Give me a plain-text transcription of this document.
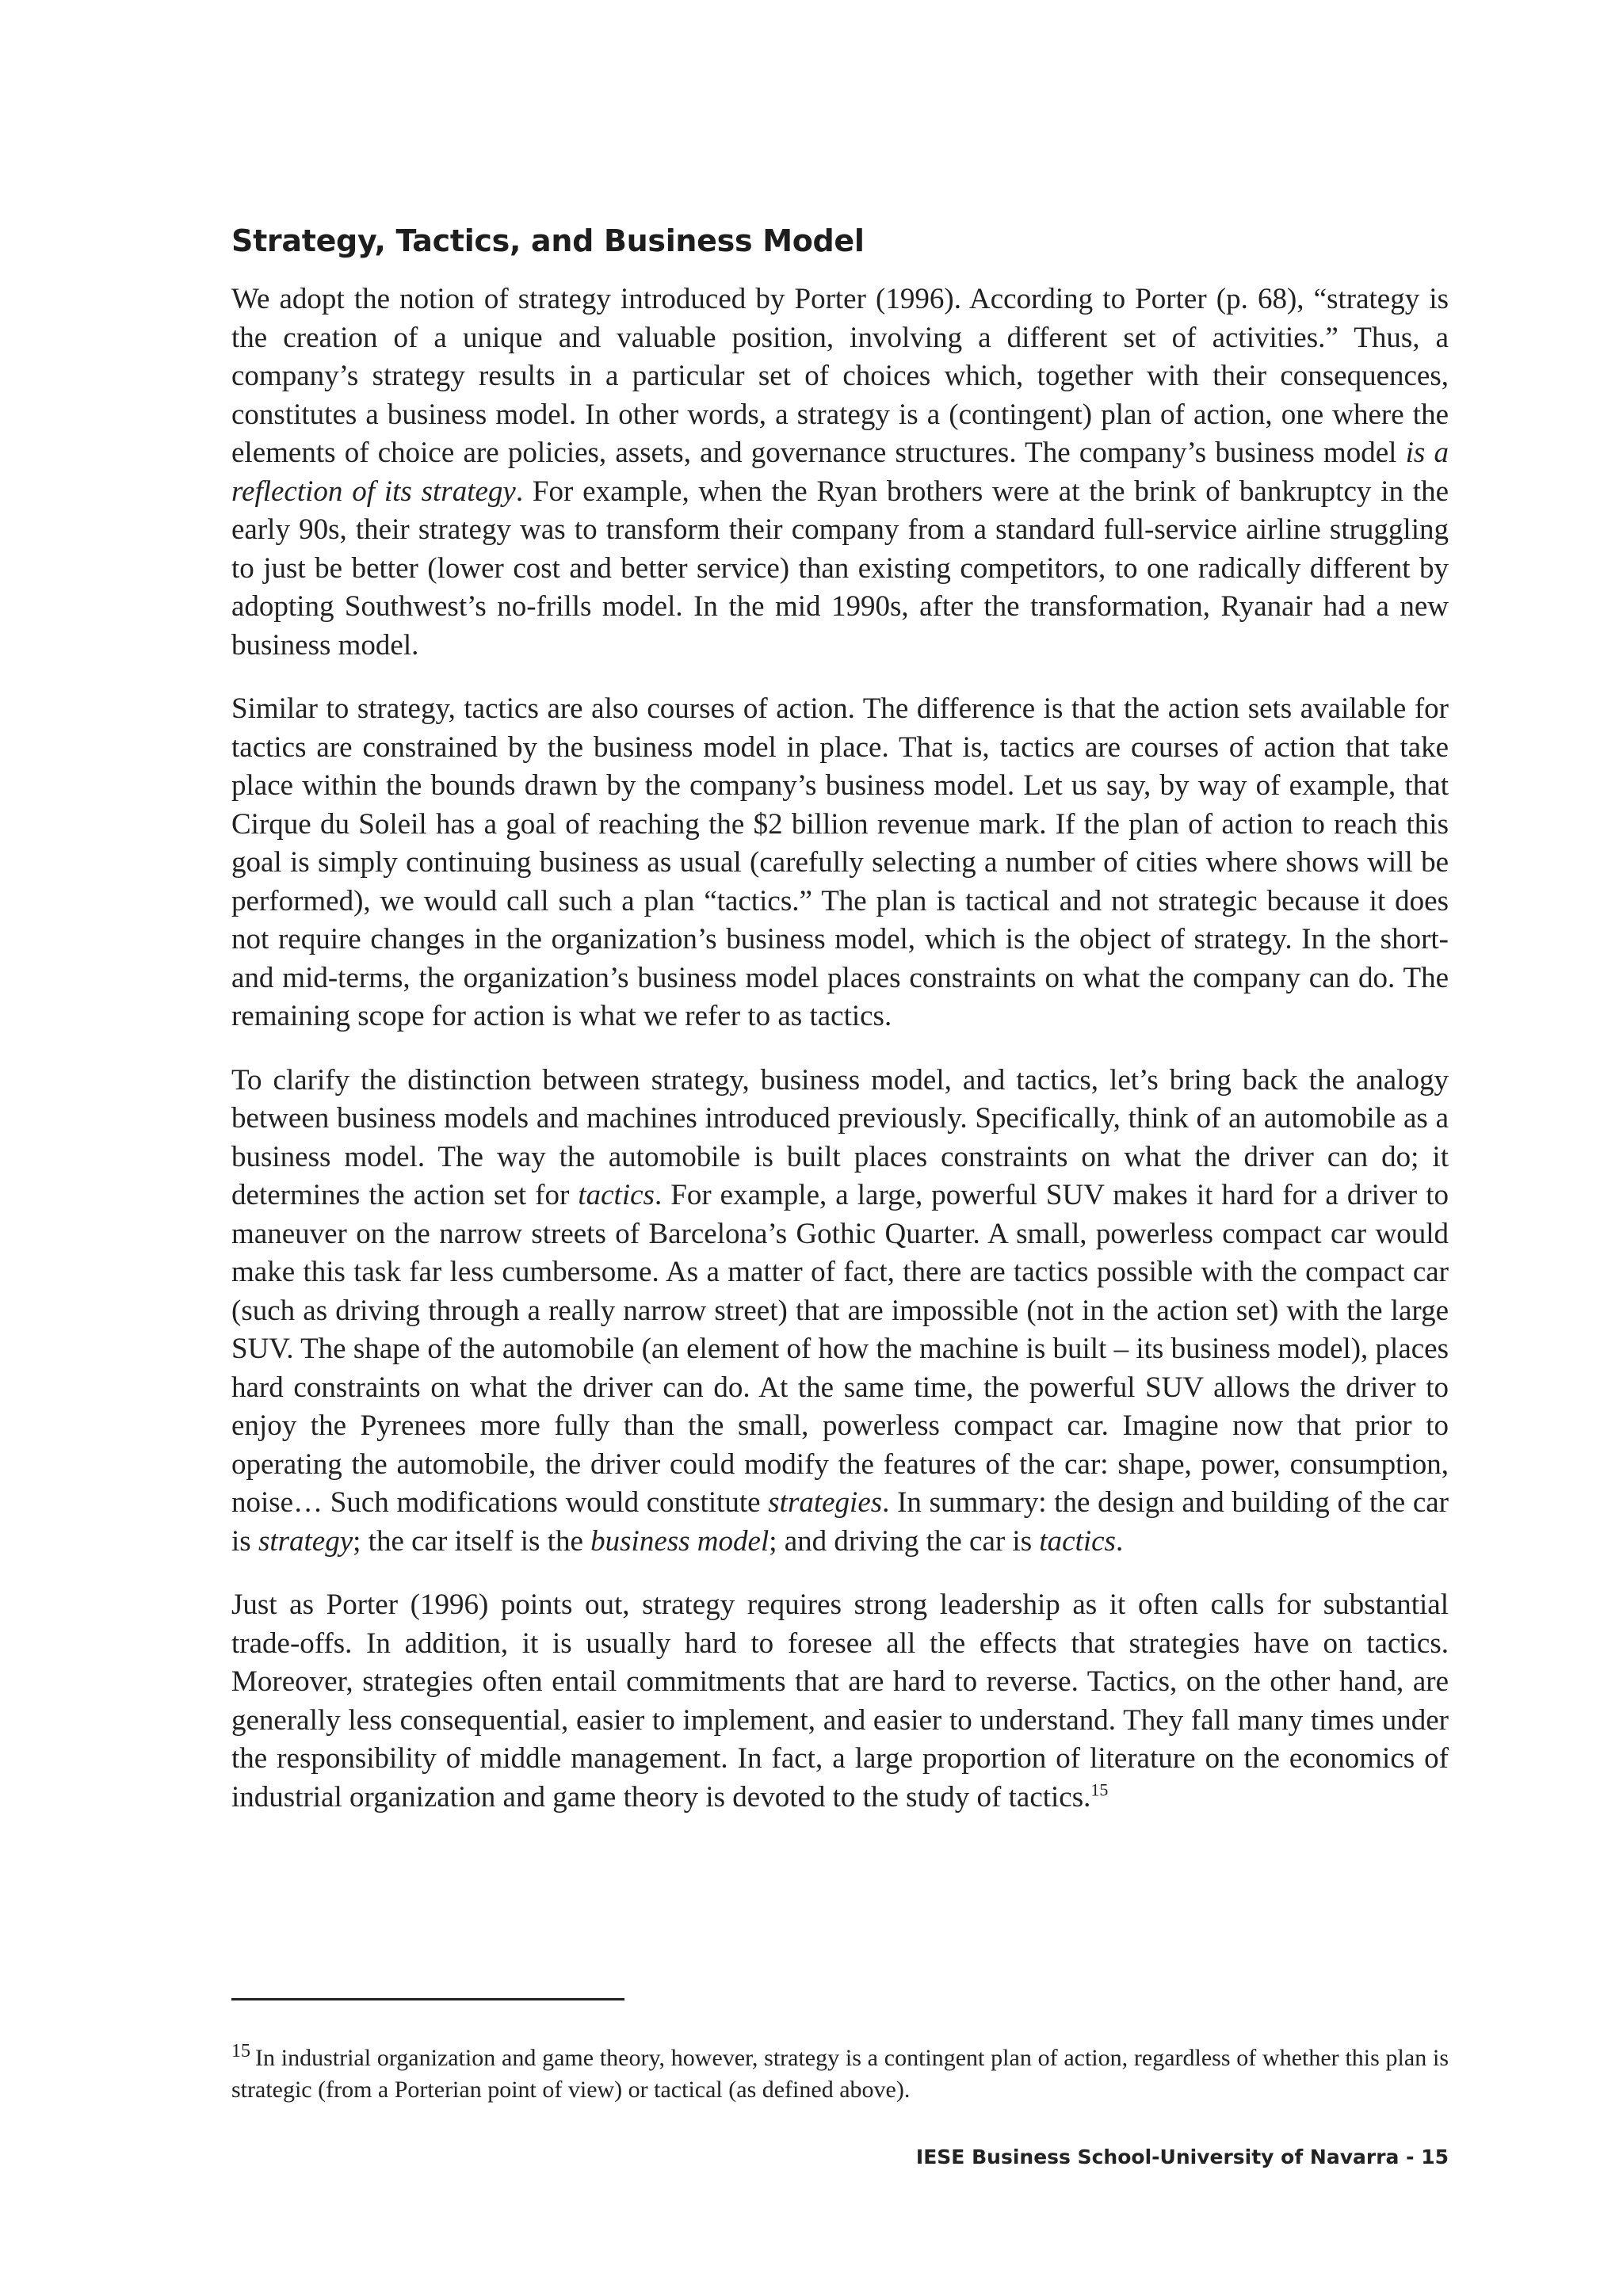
Strategy, Tactics, and Business Model

We adopt the notion of strategy introduced by Porter (1996). According to Porter (p. 68), “strategy is the creation of a unique and valuable position, involving a different set of activities.” Thus, a company’s strategy results in a particular set of choices which, together with their consequences, constitutes a business model. In other words, a strategy is a (contingent) plan of action, one where the elements of choice are policies, assets, and governance structures. The company’s business model is a reflection of its strategy. For example, when the Ryan brothers were at the brink of bankruptcy in the early 90s, their strategy was to transform their company from a standard full-service airline struggling to just be better (lower cost and better service) than existing competitors, to one radically different by adopting Southwest’s no-frills model. In the mid 1990s, after the transformation, Ryanair had a new business model.

Similar to strategy, tactics are also courses of action. The difference is that the action sets available for tactics are constrained by the business model in place. That is, tactics are courses of action that take place within the bounds drawn by the company’s business model. Let us say, by way of example, that Cirque du Soleil has a goal of reaching the $2 billion revenue mark. If the plan of action to reach this goal is simply continuing business as usual (carefully selecting a number of cities where shows will be performed), we would call such a plan “tactics.” The plan is tactical and not strategic because it does not require changes in the organization’s business model, which is the object of strategy. In the short- and mid-terms, the organization’s business model places constraints on what the company can do. The remaining scope for action is what we refer to as tactics.

To clarify the distinction between strategy, business model, and tactics, let’s bring back the analogy between business models and machines introduced previously. Specifically, think of an automobile as a business model. The way the automobile is built places constraints on what the driver can do; it determines the action set for tactics. For example, a large, powerful SUV makes it hard for a driver to maneuver on the narrow streets of Barcelona’s Gothic Quarter. A small, powerless compact car would make this task far less cumbersome. As a matter of fact, there are tactics possible with the compact car (such as driving through a really narrow street) that are impossible (not in the action set) with the large SUV. The shape of the automobile (an element of how the machine is built – its business model), places hard constraints on what the driver can do. At the same time, the powerful SUV allows the driver to enjoy the Pyrenees more fully than the small, powerless compact car. Imagine now that prior to operating the automobile, the driver could modify the features of the car: shape, power, consumption, noise… Such modifications would constitute strategies. In summary: the design and building of the car is strategy; the car itself is the business model; and driving the car is tactics.

Just as Porter (1996) points out, strategy requires strong leadership as it often calls for substantial trade-offs. In addition, it is usually hard to foresee all the effects that strategies have on tactics. Moreover, strategies often entail commitments that are hard to reverse. Tactics, on the other hand, are generally less consequential, easier to implement, and easier to understand. They fall many times under the responsibility of middle management. In fact, a large proportion of literature on the economics of industrial organization and game theory is devoted to the study of tactics.$^{15}$

$^{15}$ In industrial organization and game theory, however, strategy is a contingent plan of action, regardless of whether this plan is strategic (from a Porterian point of view) or tactical (as defined above).
IESE Business School-University of Navarra - 15
